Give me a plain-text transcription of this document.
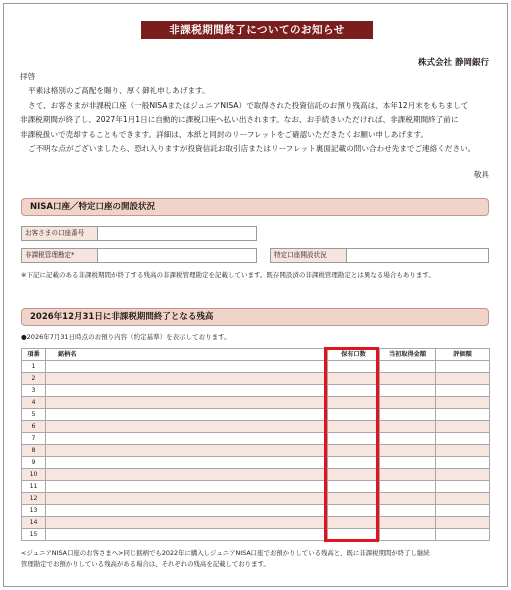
非課税期間終了についてのお知らせ
株式会社 静岡銀行

拝啓

平素は格別のご高配を賜り、厚く御礼申しあげます。

さて、お客さまが非課税口座（一般NISAまたはジュニアNISA）で取得された投資信託のお預り残高は、本年12月末をもちまして

非課税期間が終了し、2027年1月1日に自動的に課税口座へ払い出されます。なお、お手続きいただければ、非課税期間終了前に

非課税扱いで売却することもできます。詳細は、本紙と同封のリーフレットをご確認いただきたくお願い申しあげます。

ご不明な点がございましたら、恐れ入りますが投資信託お取引店またはリーフレット裏面記載の問い合わせ先までご連絡ください。

敬具
NISA口座／特定口座の開設状況
お客さまの口座番号
非課税管理勘定*	特定口座開設状況
※下記に記載のある非課税期間が終了する残高の非課税管理勘定を記載しています。既存開設済の非課税管理勘定とは異なる場合もあります。
2026年12月31日に非課税期間終了となる残高
●2026年7月31日時点のお預り内容（約定基準）を表示しております。
項番	銘柄名	保有口数	当初取得金額	評価額
1				
2				
3				
4				
5				
6				
7				
8				
9				
10				
11				
12				
13				
14				
15				

<ジュニアNISA口座のお客さまへ>同じ銘柄でも2022年に購入しジュニアNISA口座でお預かりしている残高と、既に非課税期間が終了し継続

管理勘定でお預かりしている残高がある場合は、それぞれの残高を記載しております。
